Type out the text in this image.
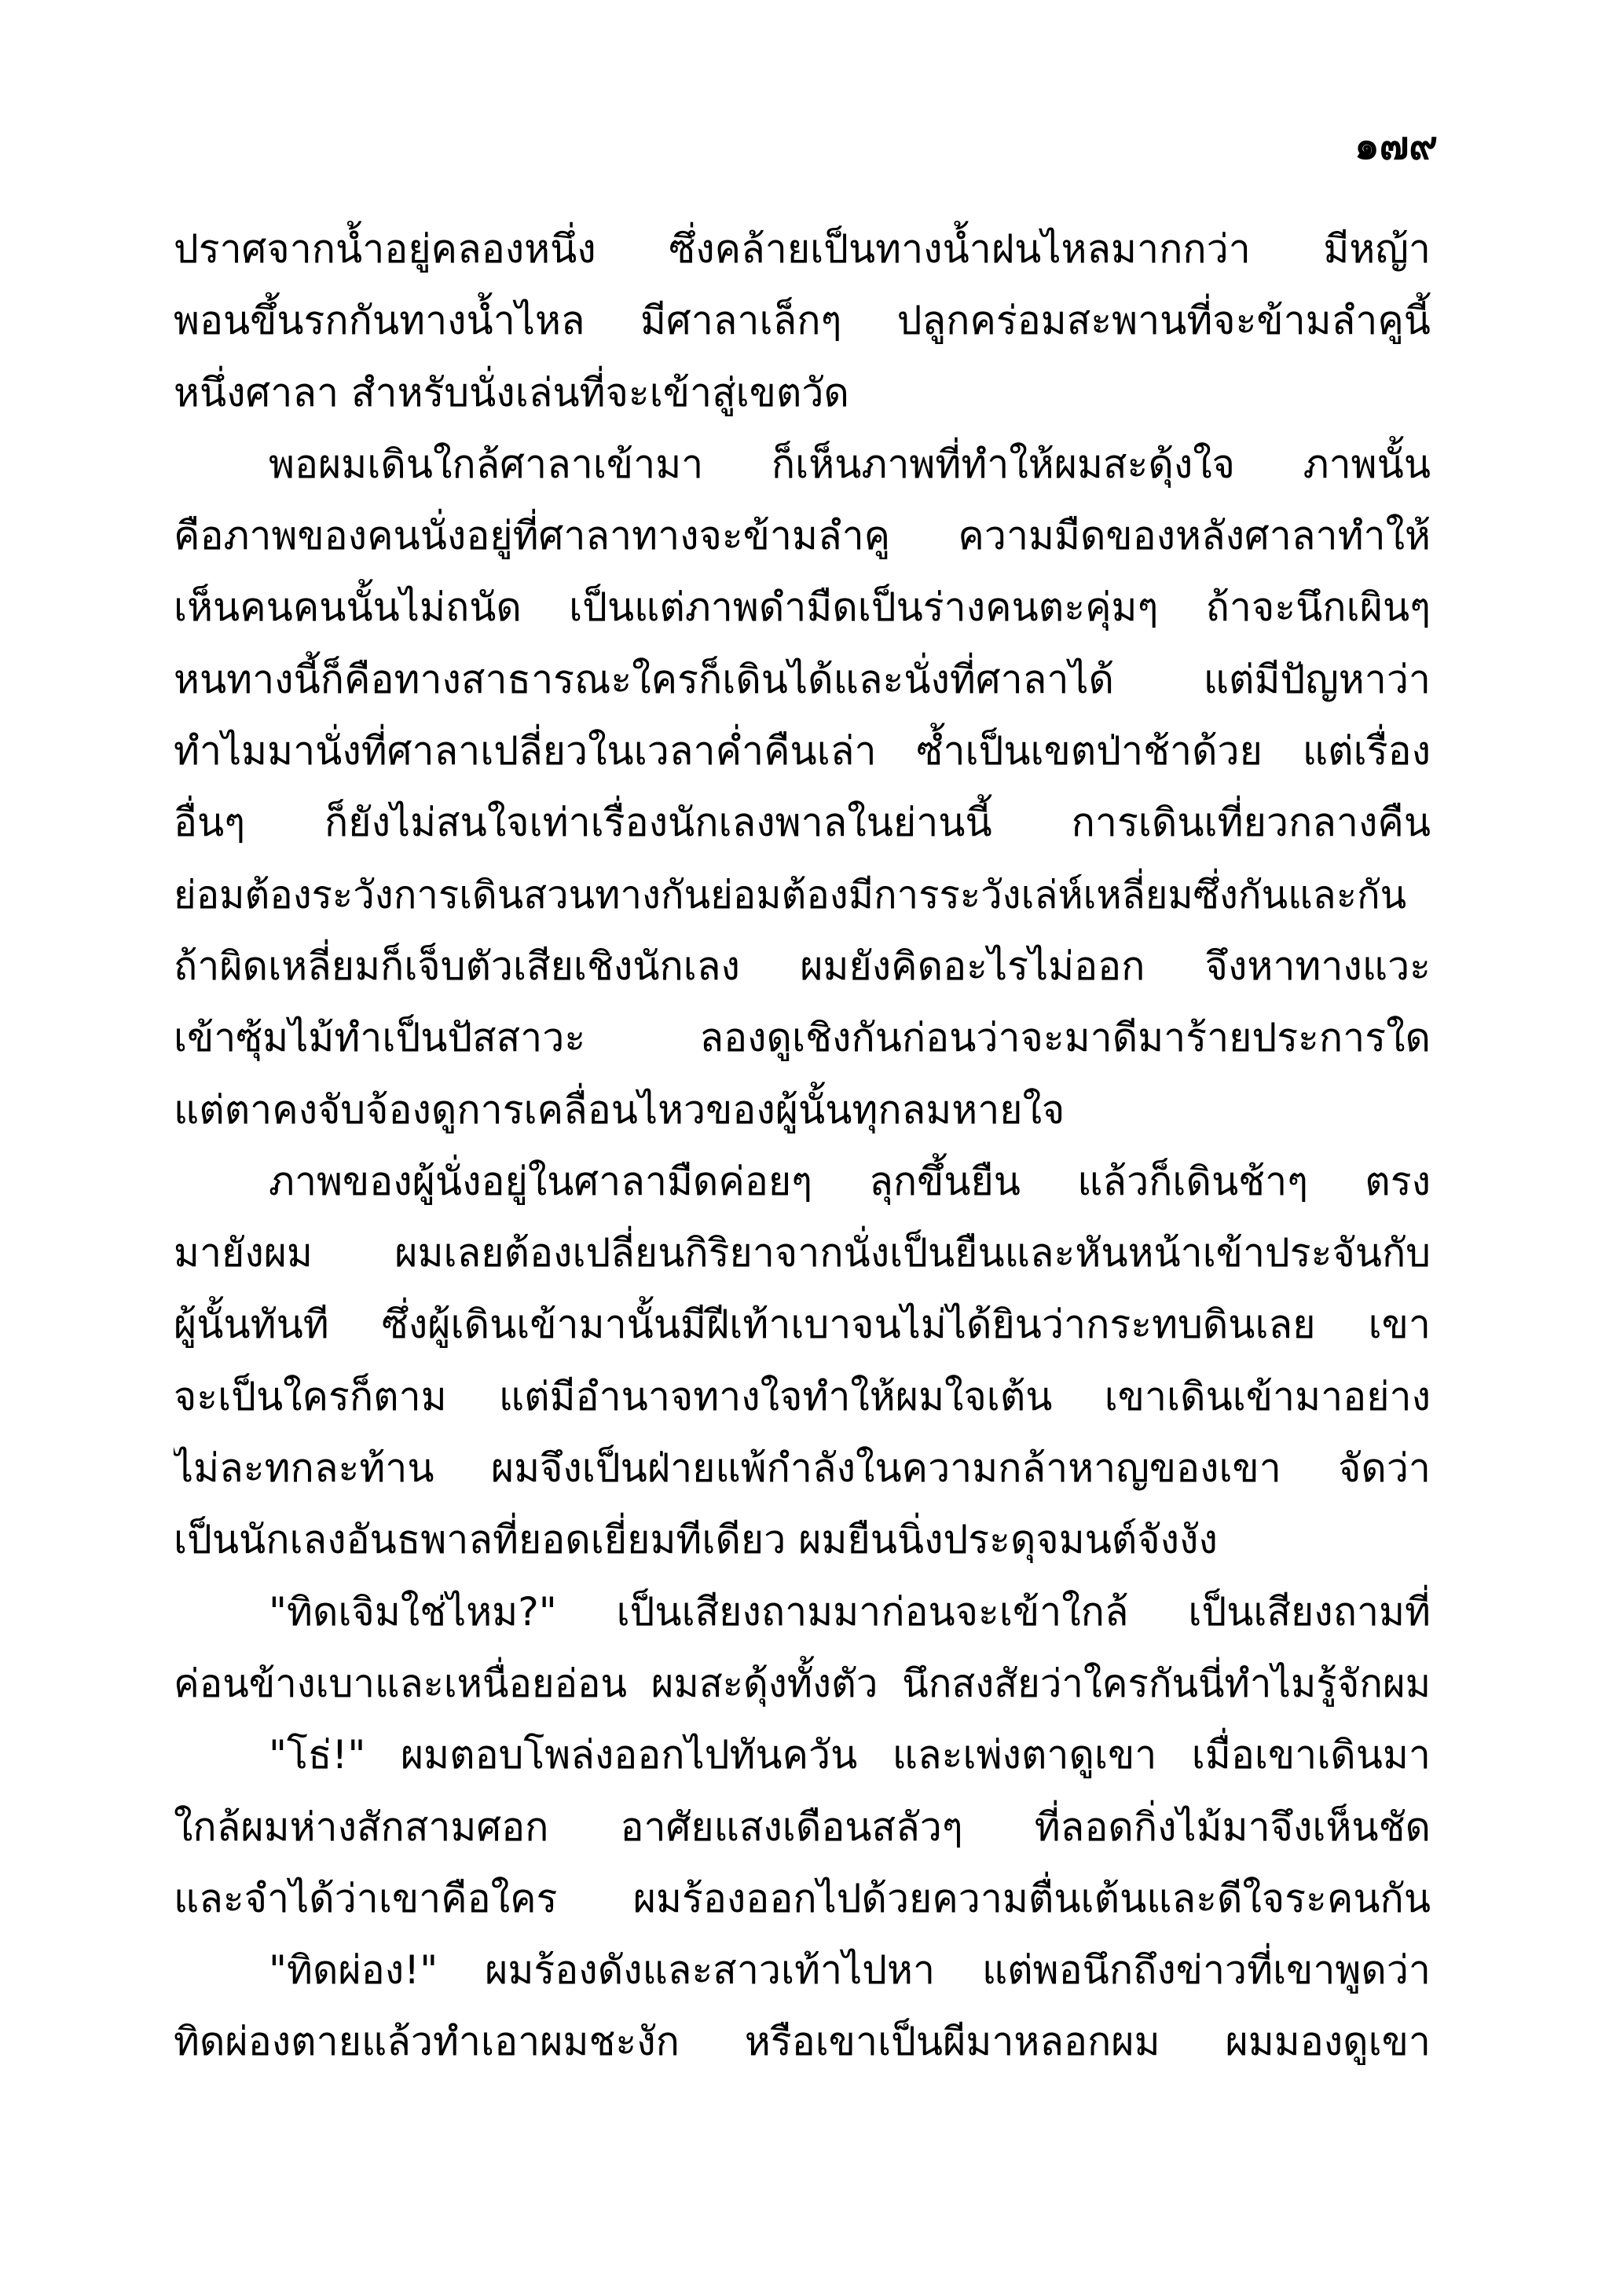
๑๗๙
ปราศจากน้ำอยู่คลองหนึ่ง ซึ่งคล้ายเป็นทางน้ำฝนไหลมากกว่า มีหญ้า
พอนขึ้นรกกันทางน้ำไหล มีศาลาเล็กๆ ปลูกคร่อมสะพานที่จะข้ามลำคูนี้
หนึ่งศาลา สำหรับนั่งเล่นที่จะเข้าสู่เขตวัด
พอผมเดินใกล้ศาลาเข้ามา ก็เห็นภาพที่ทำให้ผมสะดุ้งใจ ภาพนั้น
คือภาพของคนนั่งอยู่ที่ศาลาทางจะข้ามลำคู ความมืดของหลังศาลาทำให้
เห็นคนคนนั้นไม่ถนัด เป็นแต่ภาพดำมืดเป็นร่างคนตะคุ่มๆ ถ้าจะนึกเผินๆ
หนทางนี้ก็คือทางสาธารณะใครก็เดินได้และนั่งที่ศาลาได้ แต่มีปัญหาว่า
ทำไมมานั่งที่ศาลาเปลี่ยวในเวลาค่ำคืนเล่า ซ้ำเป็นเขตป่าช้าด้วย แต่เรื่อง
อื่นๆ ก็ยังไม่สนใจเท่าเรื่องนักเลงพาลในย่านนี้ การเดินเที่ยวกลางคืน
ย่อมต้องระวังการเดินสวนทางกันย่อมต้องมีการระวังเล่ห์เหลี่ยมซึ่งกันและกัน
ถ้าผิดเหลี่ยมก็เจ็บตัวเสียเชิงนักเลง ผมยังคิดอะไรไม่ออก จึงหาทางแวะ
เข้าซุ้มไม้ทำเป็นปัสสาวะ ลองดูเชิงกันก่อนว่าจะมาดีมาร้ายประการใด
แต่ตาคงจับจ้องดูการเคลื่อนไหวของผู้นั้นทุกลมหายใจ
ภาพของผู้นั่งอยู่ในศาลามืดค่อยๆ ลุกขึ้นยืน แล้วก็เดินช้าๆ ตรง
มายังผม ผมเลยต้องเปลี่ยนกิริยาจากนั่งเป็นยืนและหันหน้าเข้าประจันกับ
ผู้นั้นทันที ซึ่งผู้เดินเข้ามานั้นมีฝีเท้าเบาจนไม่ได้ยินว่ากระทบดินเลย เขา
จะเป็นใครก็ตาม แต่มีอำนาจทางใจทำให้ผมใจเต้น เขาเดินเข้ามาอย่าง
ไม่ละทกละท้าน ผมจึงเป็นฝ่ายแพ้กำลังในความกล้าหาญของเขา จัดว่า
เป็นนักเลงอันธพาลที่ยอดเยี่ยมทีเดียว ผมยืนนิ่งประดุจมนต์จังงัง
"ทิดเจิมใช่ไหม?" เป็นเสียงถามมาก่อนจะเข้าใกล้ เป็นเสียงถามที่
ค่อนข้างเบาและเหนื่อยอ่อน ผมสะดุ้งทั้งตัว นึกสงสัยว่าใครกันนี่ทำไมรู้จักผม
"โธ่!" ผมตอบโพล่งออกไปทันควัน และเพ่งตาดูเขา เมื่อเขาเดินมา
ใกล้ผมห่างสักสามศอก อาศัยแสงเดือนสลัวๆ ที่ลอดกิ่งไม้มาจึงเห็นชัด
และจำได้ว่าเขาคือใคร ผมร้องออกไปด้วยความตื่นเต้นและดีใจระคนกัน
"ทิดผ่อง!" ผมร้องดังและสาวเท้าไปหา แต่พอนึกถึงข่าวที่เขาพูดว่า
ทิดผ่องตายแล้วทำเอาผมชะงัก หรือเขาเป็นผีมาหลอกผม ผมมองดูเขา
